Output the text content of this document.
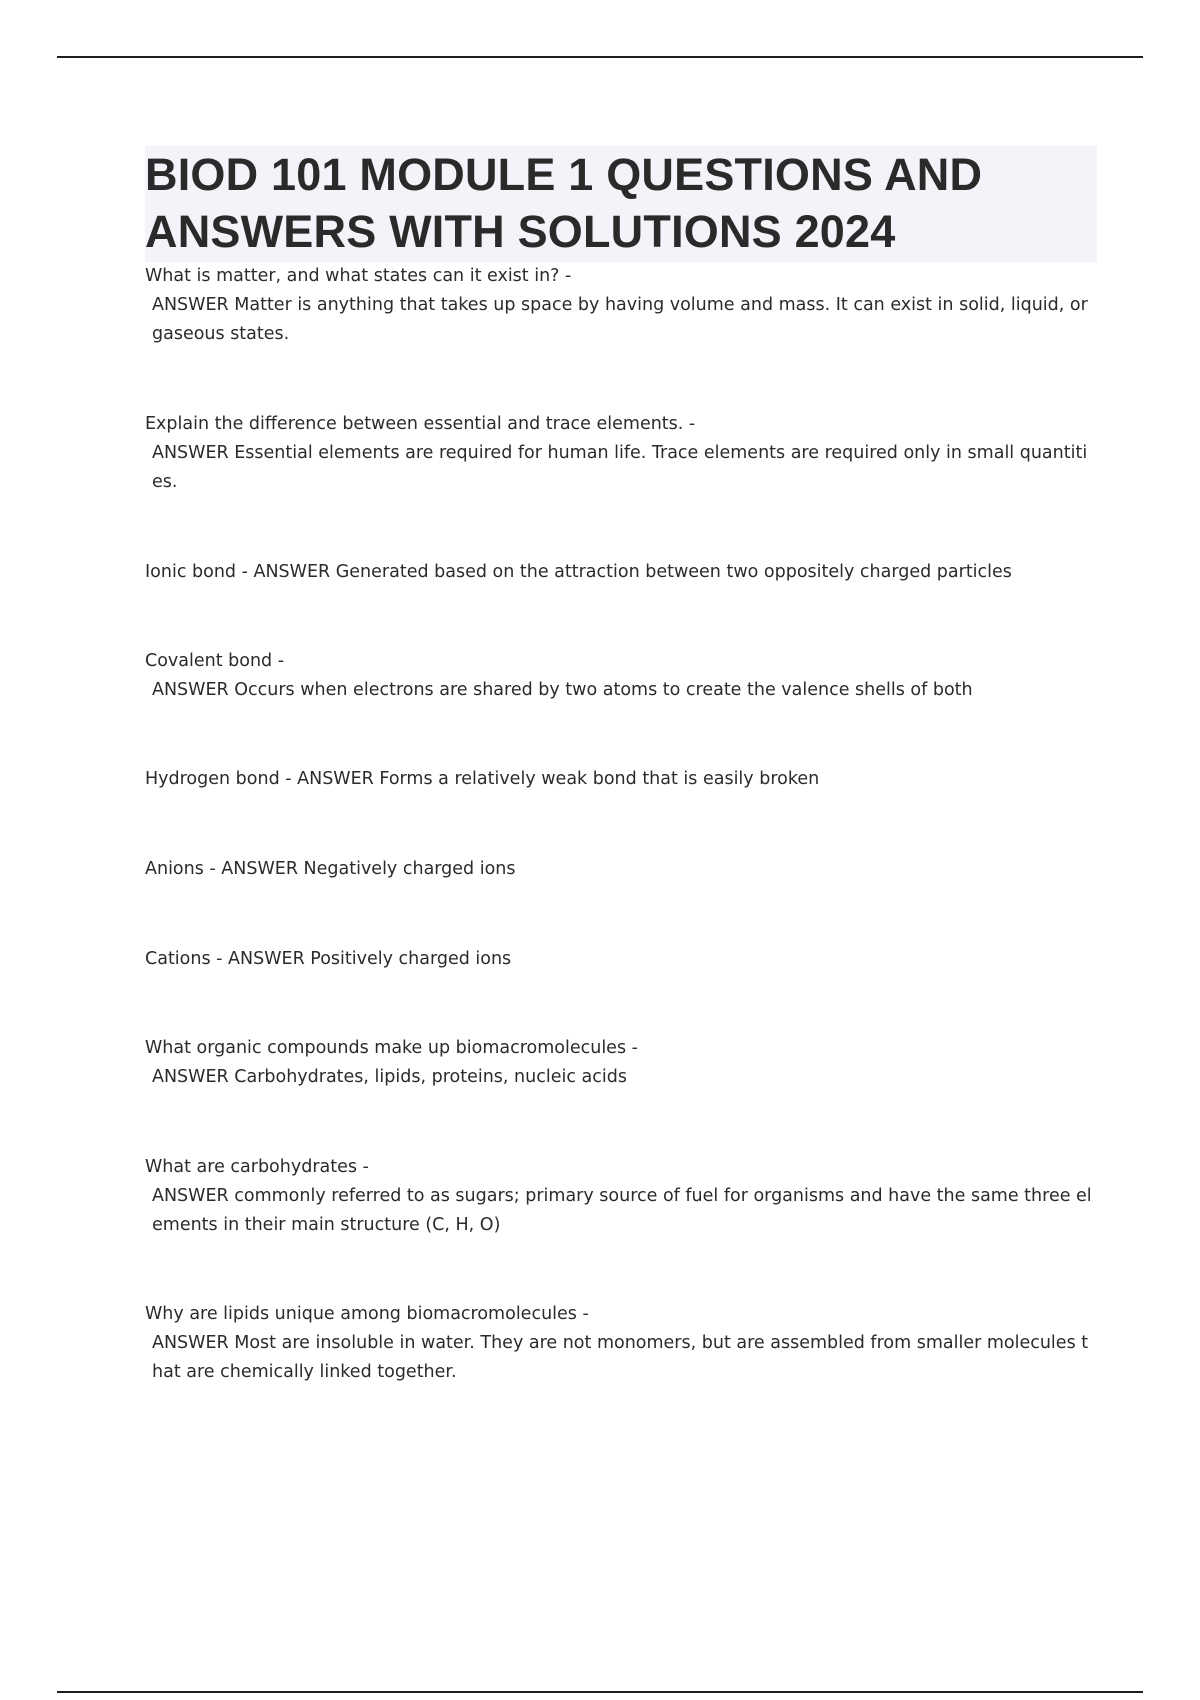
BIOD 101 MODULE 1 QUESTIONS AND ANSWERS WITH SOLUTIONS 2024
What is matter, and what states can it exist in? -
ANSWER Matter is anything that takes up space by having volume and mass. It can exist in solid, liquid, or gaseous states.
Explain the difference between essential and trace elements. -
ANSWER Essential elements are required for human life. Trace elements are required only in small quantities.
Ionic bond - ANSWER Generated based on the attraction between two oppositely charged particles
Covalent bond -
ANSWER Occurs when electrons are shared by two atoms to create the valence shells of both
Hydrogen bond - ANSWER Forms a relatively weak bond that is easily broken
Anions - ANSWER Negatively charged ions
Cations - ANSWER Positively charged ions
What organic compounds make up biomacromolecules -
ANSWER Carbohydrates, lipids, proteins, nucleic acids
What are carbohydrates -
ANSWER commonly referred to as sugars; primary source of fuel for organisms and have the same three elements in their main structure (C, H, O)
Why are lipids unique among biomacromolecules -
ANSWER Most are insoluble in water. They are not monomers, but are assembled from smaller molecules that are chemically linked together.
